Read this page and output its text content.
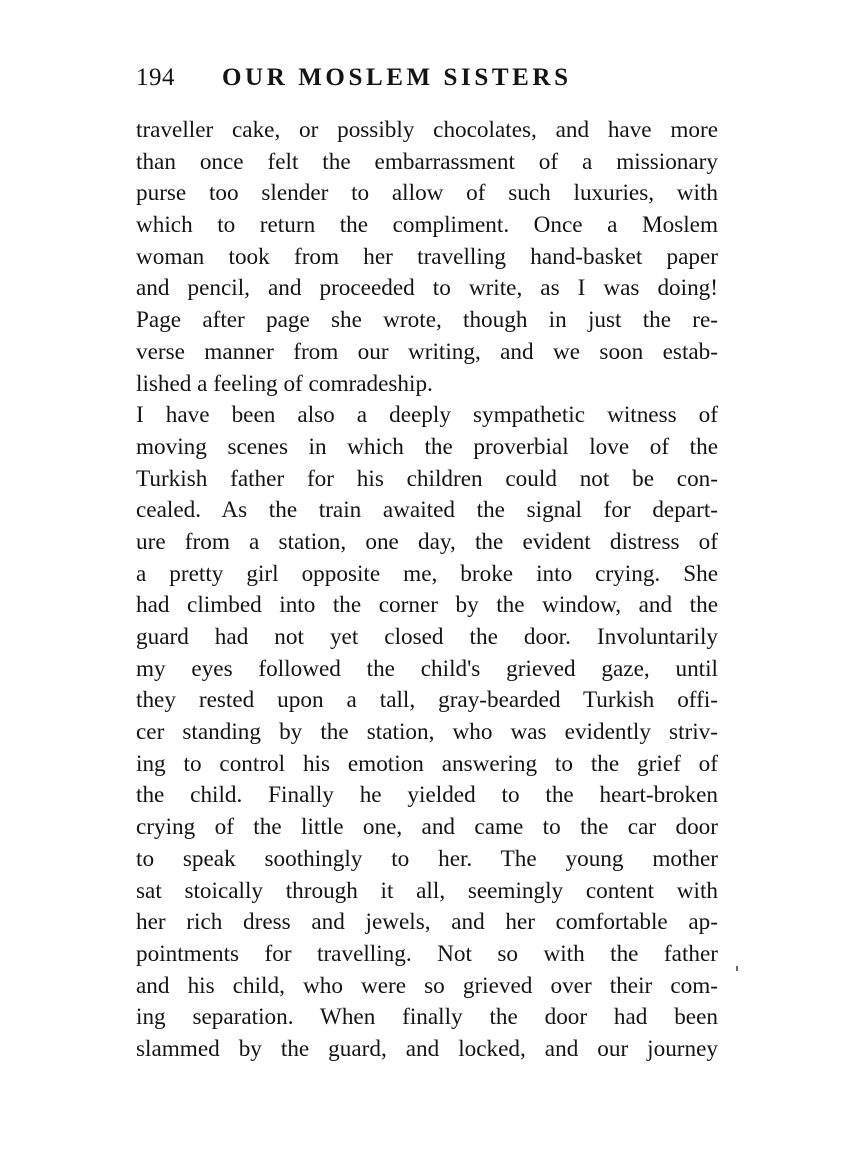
194 OUR MOSLEM SISTERS
traveller cake, or possibly chocolates, and have more
than once felt the embarrassment of a missionary
purse too slender to allow of such luxuries, with
which to return the compliment. Once a Moslem
woman took from her travelling hand-basket paper
and pencil, and proceeded to write, as I was doing!
Page after page she wrote, though in just the re-
verse manner from our writing, and we soon estab-
lished a feeling of comradeship.
I have been also a deeply sympathetic witness of
moving scenes in which the proverbial love of the
Turkish father for his children could not be con-
cealed. As the train awaited the signal for depart-
ure from a station, one day, the evident distress of
a pretty girl opposite me, broke into crying. She
had climbed into the corner by the window, and the
guard had not yet closed the door. Involuntarily
my eyes followed the child's grieved gaze, until
they rested upon a tall, gray-bearded Turkish offi-
cer standing by the station, who was evidently striv-
ing to control his emotion answering to the grief of
the child. Finally he yielded to the heart-broken
crying of the little one, and came to the car door
to speak soothingly to her. The young mother
sat stoically through it all, seemingly content with
her rich dress and jewels, and her comfortable ap-
pointments for travelling. Not so with the father
and his child, who were so grieved over their com-
ing separation. When finally the door had been
slammed by the guard, and locked, and our journey
